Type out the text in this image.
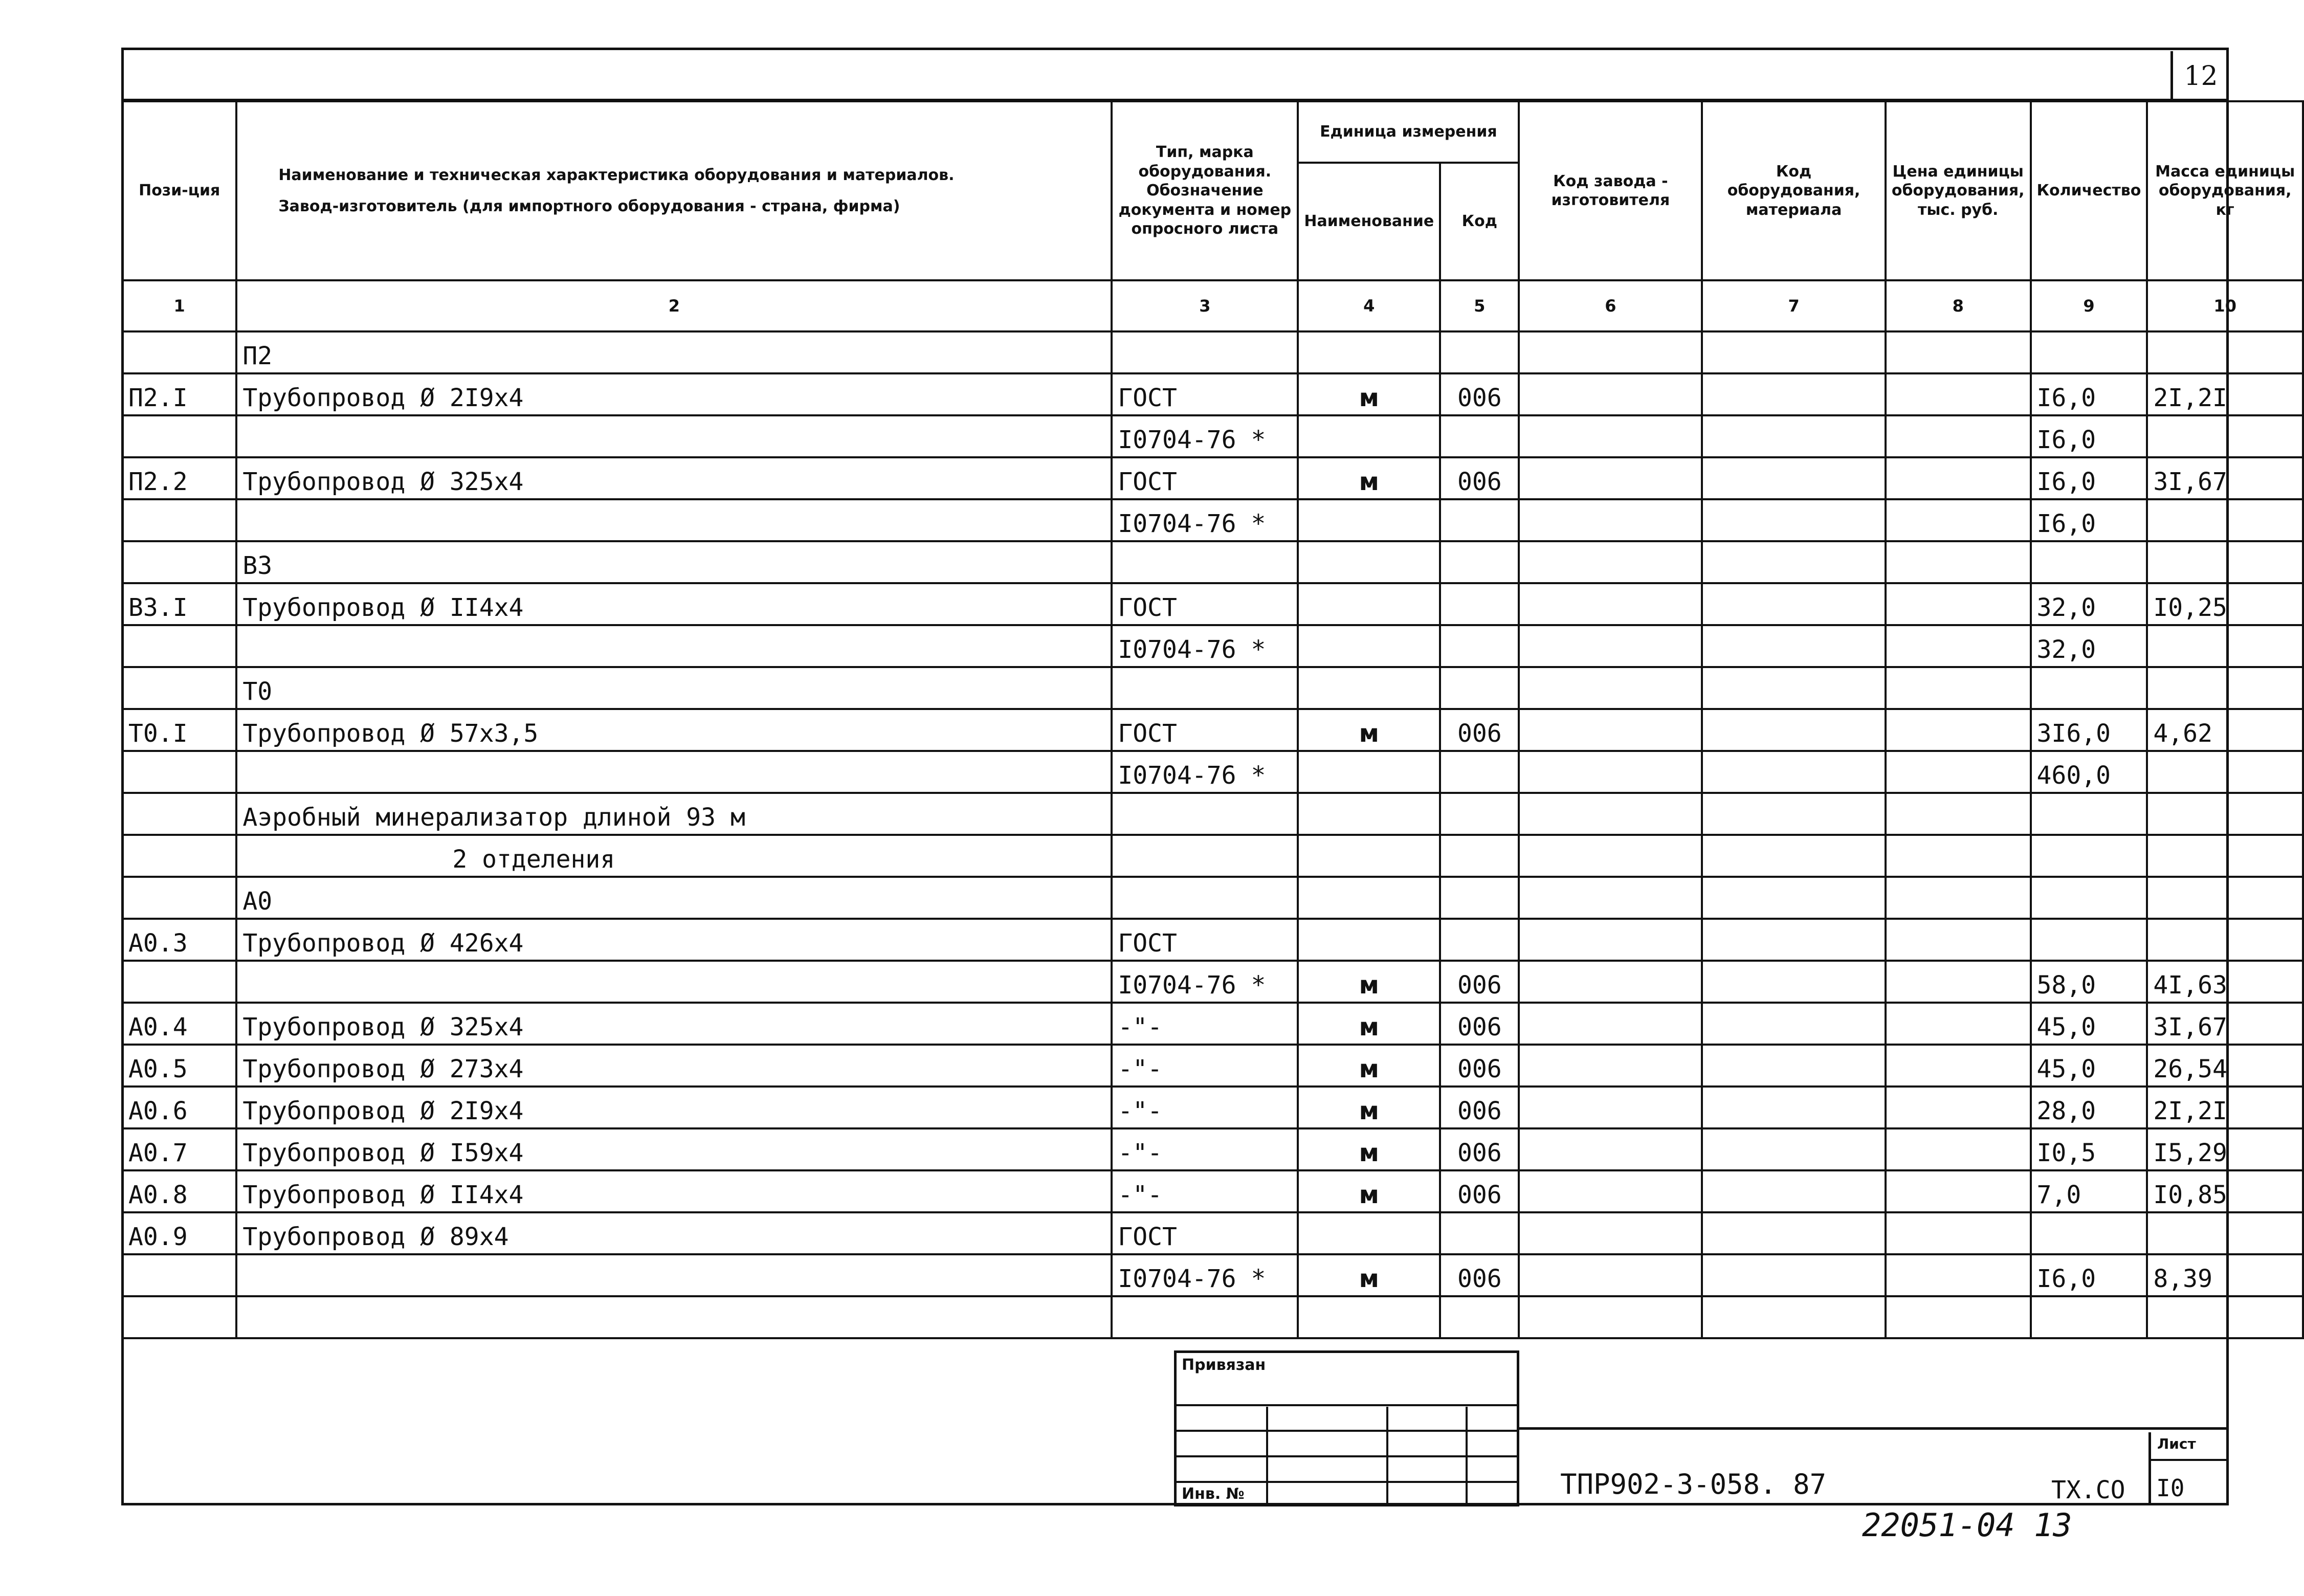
12
Пози-ция	Наименование и техническая характеристика оборудования и материалов.
Завод-изготовитель (для импортного оборудования - страна, фирма)	Тип, марка оборудования. Обозначение документа и номер опросного листа	Единица измерения		Код завода - изготовителя	Код оборудования, материала	Цена единицы оборудования, тыс. руб.	Количество	Масса единицы оборудования, кг
			Наименование	Код					
1	2	3	4	5	6	7	8	9	10
	П2								
П2.I	Трубопровод Ø 2I9x4	ГОСТ	м	006				I6,0	2I,2I
		I0704-76 *						I6,0	
П2.2	Трубопровод Ø 325x4	ГОСТ	м	006				I6,0	3I,67
		I0704-76 *						I6,0	
	В3								
В3.I	Трубопровод Ø II4x4	ГОСТ						32,0	I0,25
		I0704-76 *						32,0	
	Т0								
Т0.I	Трубопровод Ø 57x3,5	ГОСТ	м	006				3I6,0	4,62
		I0704-76 *						460,0	
	Аэробный минерализатор длиной 93 м								
	2 отделения								
	А0								
А0.3	Трубопровод Ø 426x4	ГОСТ							
		I0704-76 *	м	006				58,0	4I,63
А0.4	Трубопровод Ø 325x4	-"-	м	006				45,0	3I,67
А0.5	Трубопровод Ø 273x4	-"-	м	006				45,0	26,54
А0.6	Трубопровод Ø 2I9x4	-"-	м	006				28,0	2I,2I
А0.7	Трубопровод Ø I59x4	-"-	м	006				I0,5	I5,29
А0.8	Трубопровод Ø II4x4	-"-	м	006				7,0	I0,85
А0.9	Трубопровод Ø 89x4	ГОСТ							
		I0704-76 *	м	006				I6,0	8,39

Привязан
Инв. №	ТПР902-3-058. 87	ТХ.СО
Лист
I0
22051-04 13
